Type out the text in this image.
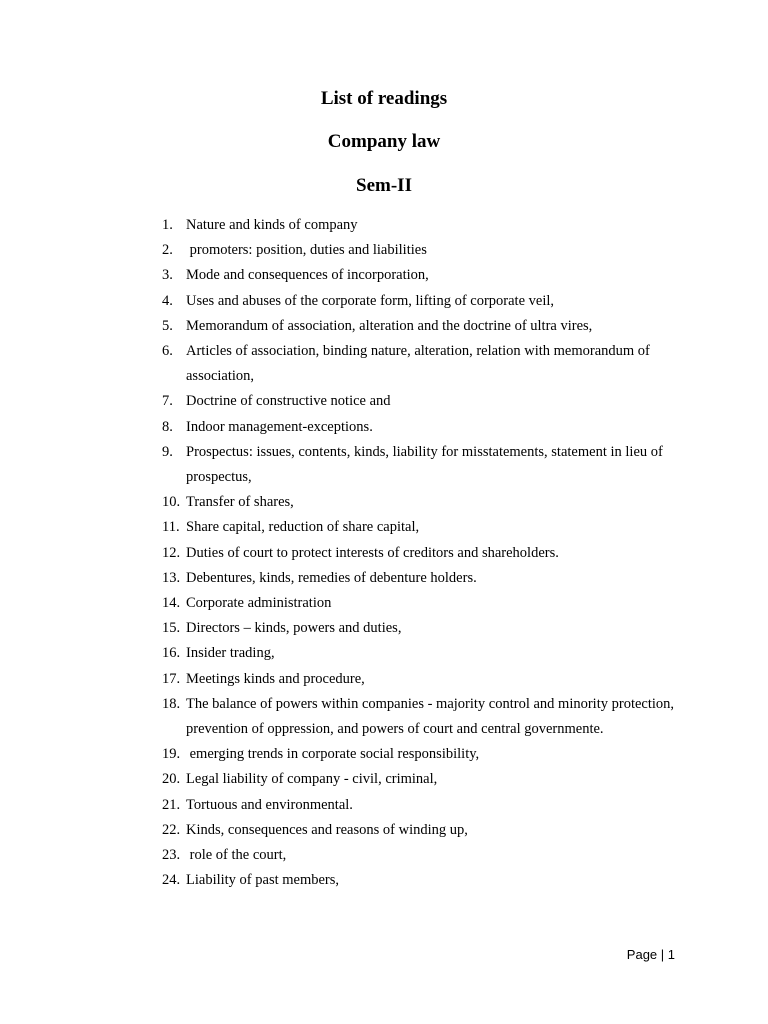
List of readings
Company law
Sem-II
1. Nature and kinds of company
2. promoters: position, duties and liabilities
3. Mode and consequences of incorporation,
4. Uses and abuses of the corporate form, lifting of corporate veil,
5. Memorandum of association, alteration and the doctrine of ultra vires,
6. Articles of association, binding nature, alteration, relation with memorandum of association,
7. Doctrine of constructive notice and
8. Indoor management-exceptions.
9. Prospectus: issues, contents, kinds, liability for misstatements, statement in lieu of prospectus,
10. Transfer of shares,
11. Share capital, reduction of share capital,
12. Duties of court to protect interests of creditors and shareholders.
13. Debentures, kinds, remedies of debenture holders.
14. Corporate administration
15. Directors – kinds, powers and duties,
16. Insider trading,
17. Meetings kinds and procedure,
18. The balance of powers within companies - majority control and minority protection, prevention of oppression, and powers of court and central governmente.
19. emerging trends in corporate social responsibility,
20. Legal liability of company - civil, criminal,
21. Tortuous and environmental.
22. Kinds, consequences and reasons of winding up,
23. role of the court,
24. Liability of past members,
Page | 1
